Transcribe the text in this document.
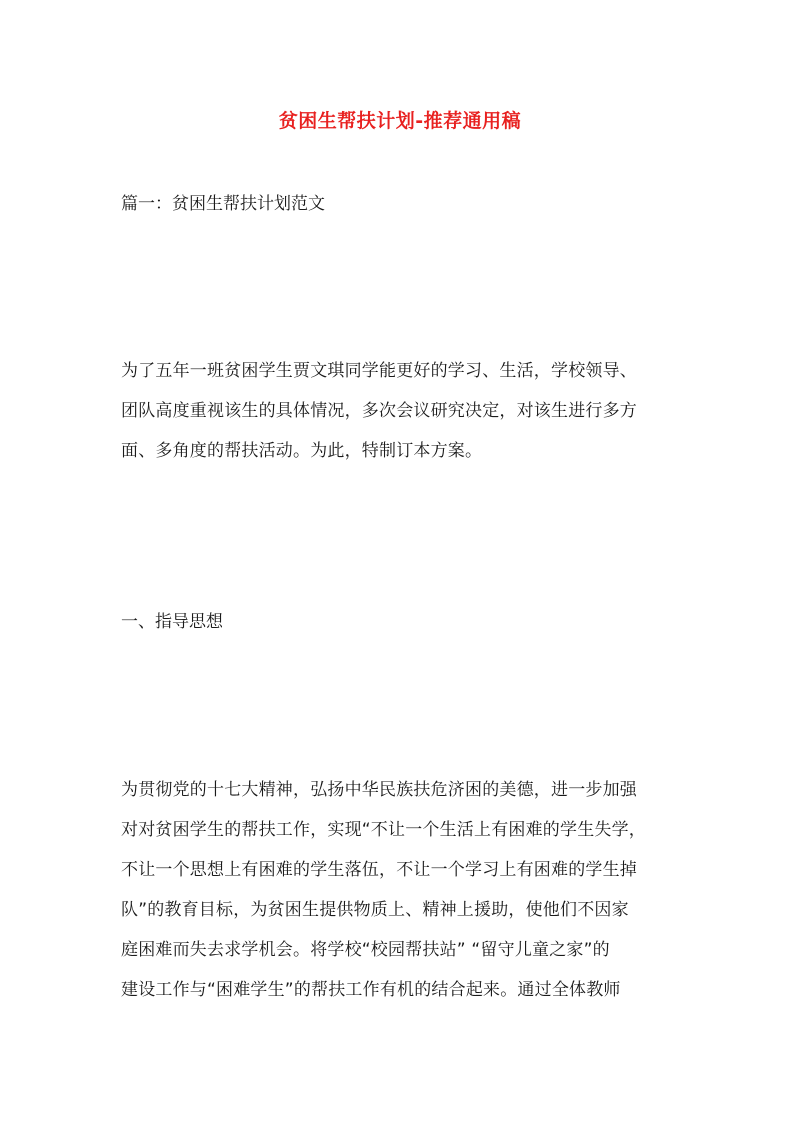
贫困生帮扶计划-推荐通用稿

篇一：贫困生帮扶计划范文

为了五年一班贫困学生贾文琪同学能更好的学习、生活，学校领导、
团队高度重视该生的具体情况，多次会议研究决定，对该生进行多方
面、多角度的帮扶活动。为此，特制订本方案。

一、指导思想

为贯彻党的十七大精神，弘扬中华民族扶危济困的美德，进一步加强
对对贫困学生的帮扶工作，实现“不让一个生活上有困难的学生失学，
不让一个思想上有困难的学生落伍，不让一个学习上有困难的学生掉
队”的教育目标，为贫困生提供物质上、精神上援助，使他们不因家
庭困难而失去求学机会。将学校“校园帮扶站” “留守儿童之家”的
建设工作与“困难学生”的帮扶工作有机的结合起来。通过全体教师
